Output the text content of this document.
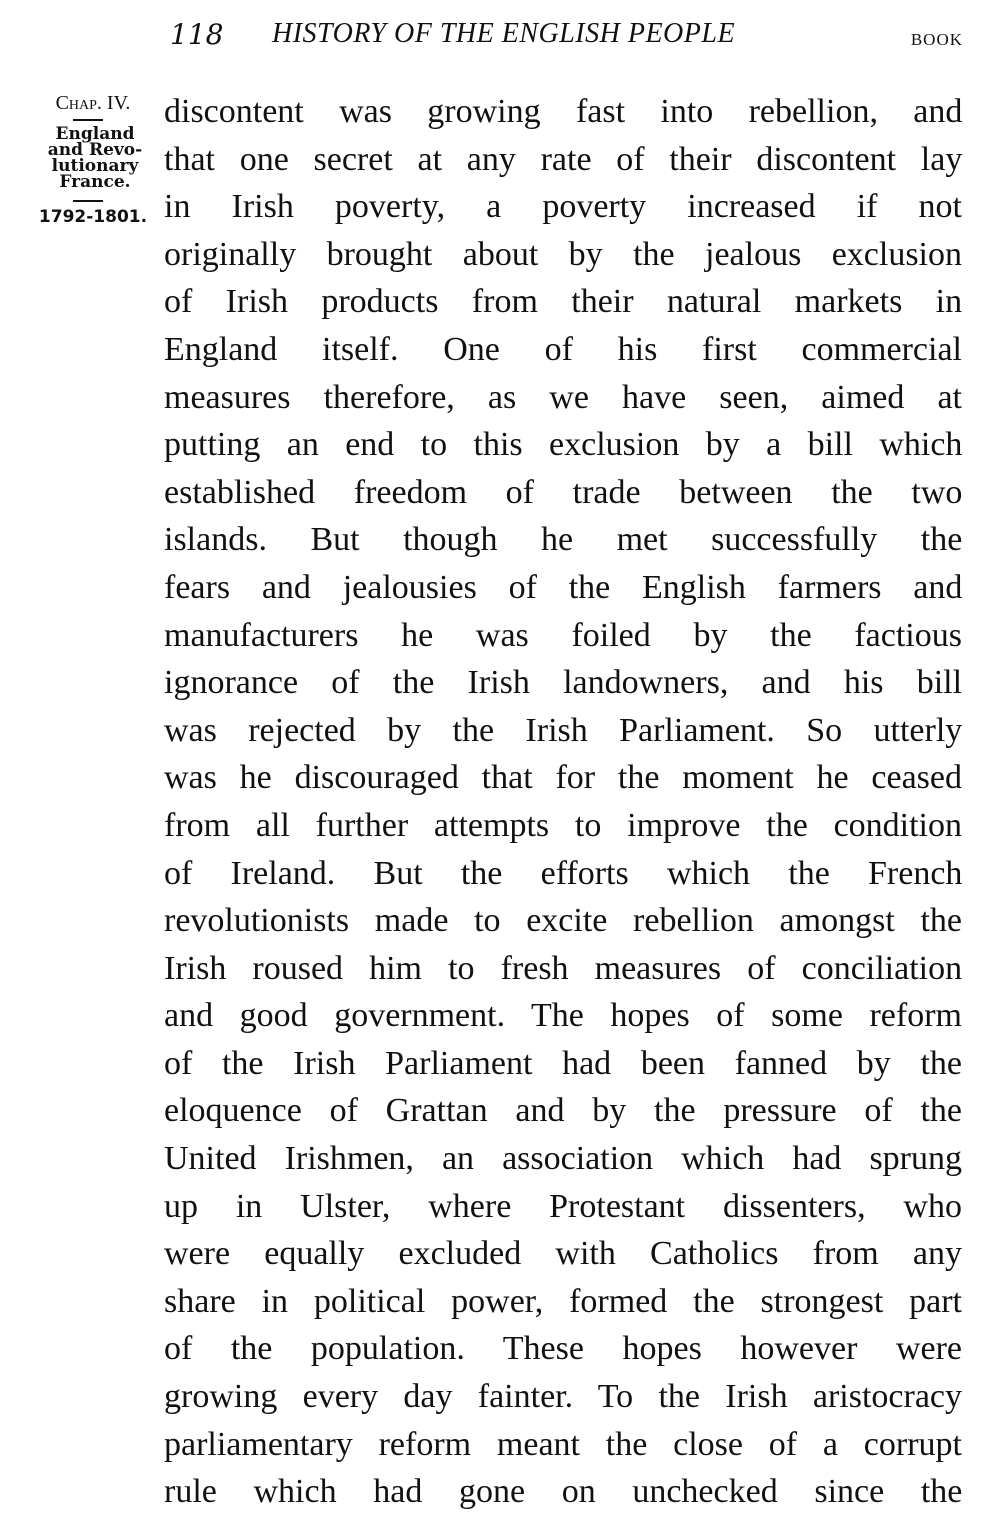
118 HISTORY OF THE ENGLISH PEOPLE	BOOK
Chap. IV.
England
and Revo-
lutionary
France.
1792-1801.
discontent was growing fast into rebellion, and
that one secret at any rate of their discontent lay
in Irish poverty, a poverty increased if not
originally brought about by the jealous exclusion
of Irish products from their natural markets in
England itself. One of his first commercial
measures therefore, as we have seen, aimed at
putting an end to this exclusion by a bill which
established freedom of trade between the two
islands. But though he met successfully the
fears and jealousies of the English farmers and
manufacturers he was foiled by the factious
ignorance of the Irish landowners, and his bill
was rejected by the Irish Parliament. So utterly
was he discouraged that for the moment he ceased
from all further attempts to improve the condition
of Ireland. But the efforts which the French
revolutionists made to excite rebellion amongst the
Irish roused him to fresh measures of conciliation
and good government. The hopes of some reform
of the Irish Parliament had been fanned by the
eloquence of Grattan and by the pressure of the
United Irishmen, an association which had sprung
up in Ulster, where Protestant dissenters, who
were equally excluded with Catholics from any
share in political power, formed the strongest part
of the population. These hopes however were
growing every day fainter. To the Irish aristocracy
parliamentary reform meant the close of a corrupt
rule which had gone on unchecked since the
